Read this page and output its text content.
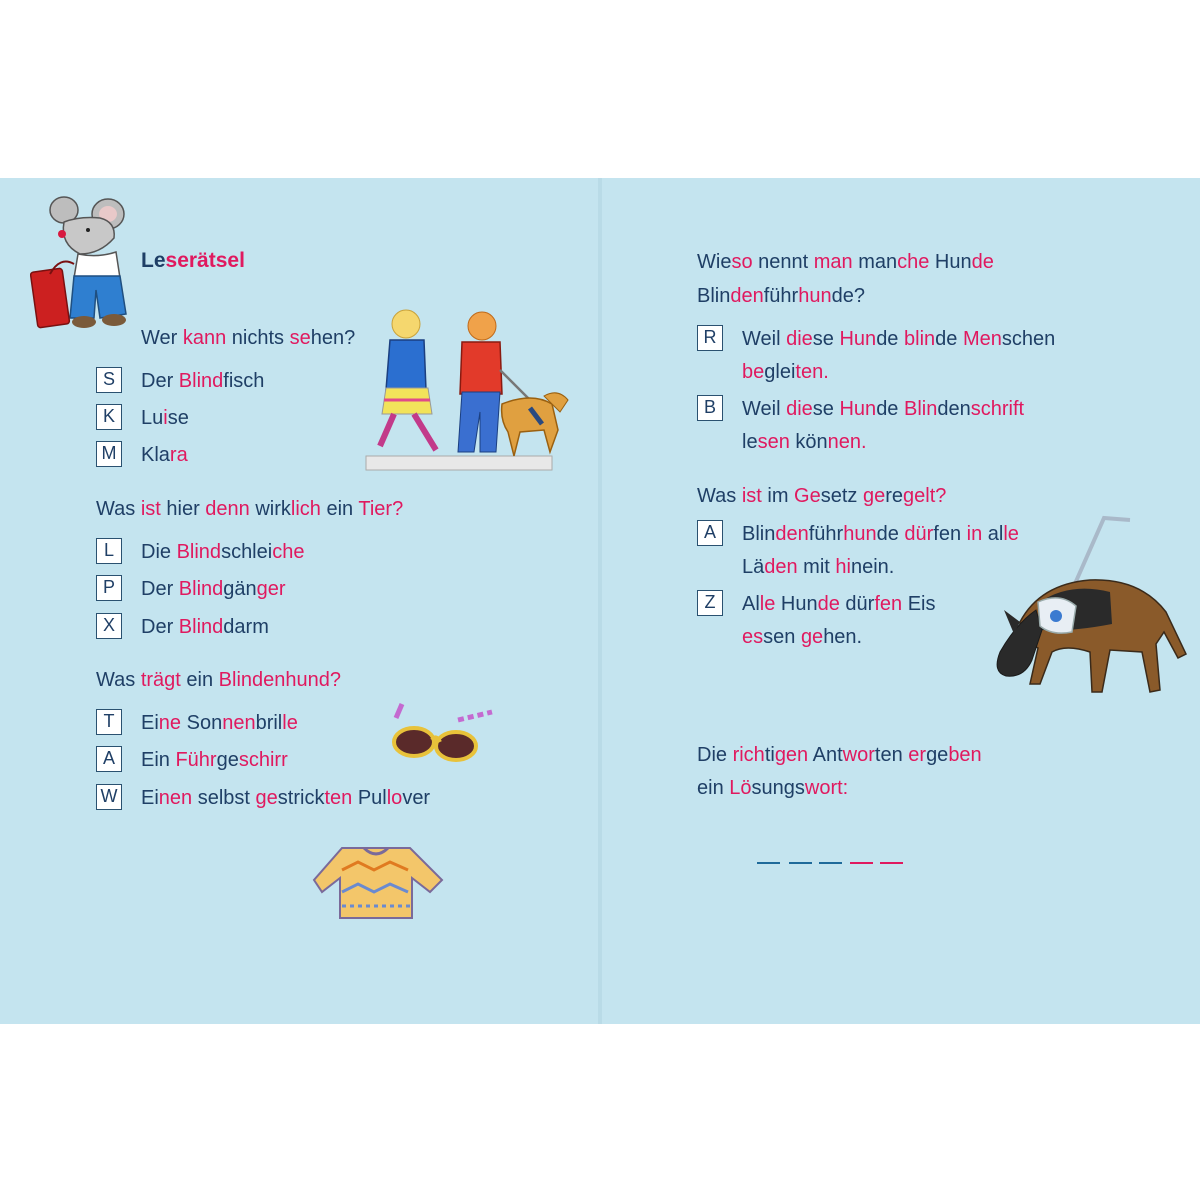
Leserätsel
Wer kann nichts sehen?
S	Der Blindfisch
K	Luise
M Klara
Was ist hier denn wirklich ein Tier?
L	Die Blindschleiche
P	Der Blindgänger
X	Der Blinddarm
Was trägt ein Blindenhund?
T	Eine Sonnenbrille
A	Ein Führgeschirr
W Einen selbst gestrickten Pullover
Wieso nennt man manche Hunde
Blindenführhunde?
R	Weil diese Hunde blinde Menschen
begleiten.
B	Weil diese Hunde Blindenschrift
lesen können.
Was ist im Gesetz geregelt?
A	Blindenführhunde dürfen in alle
Läden mit hinein.
Z	Alle Hunde dürfen Eis
essen gehen.
Die richtigen Antworten ergeben
ein Lösungswort:
